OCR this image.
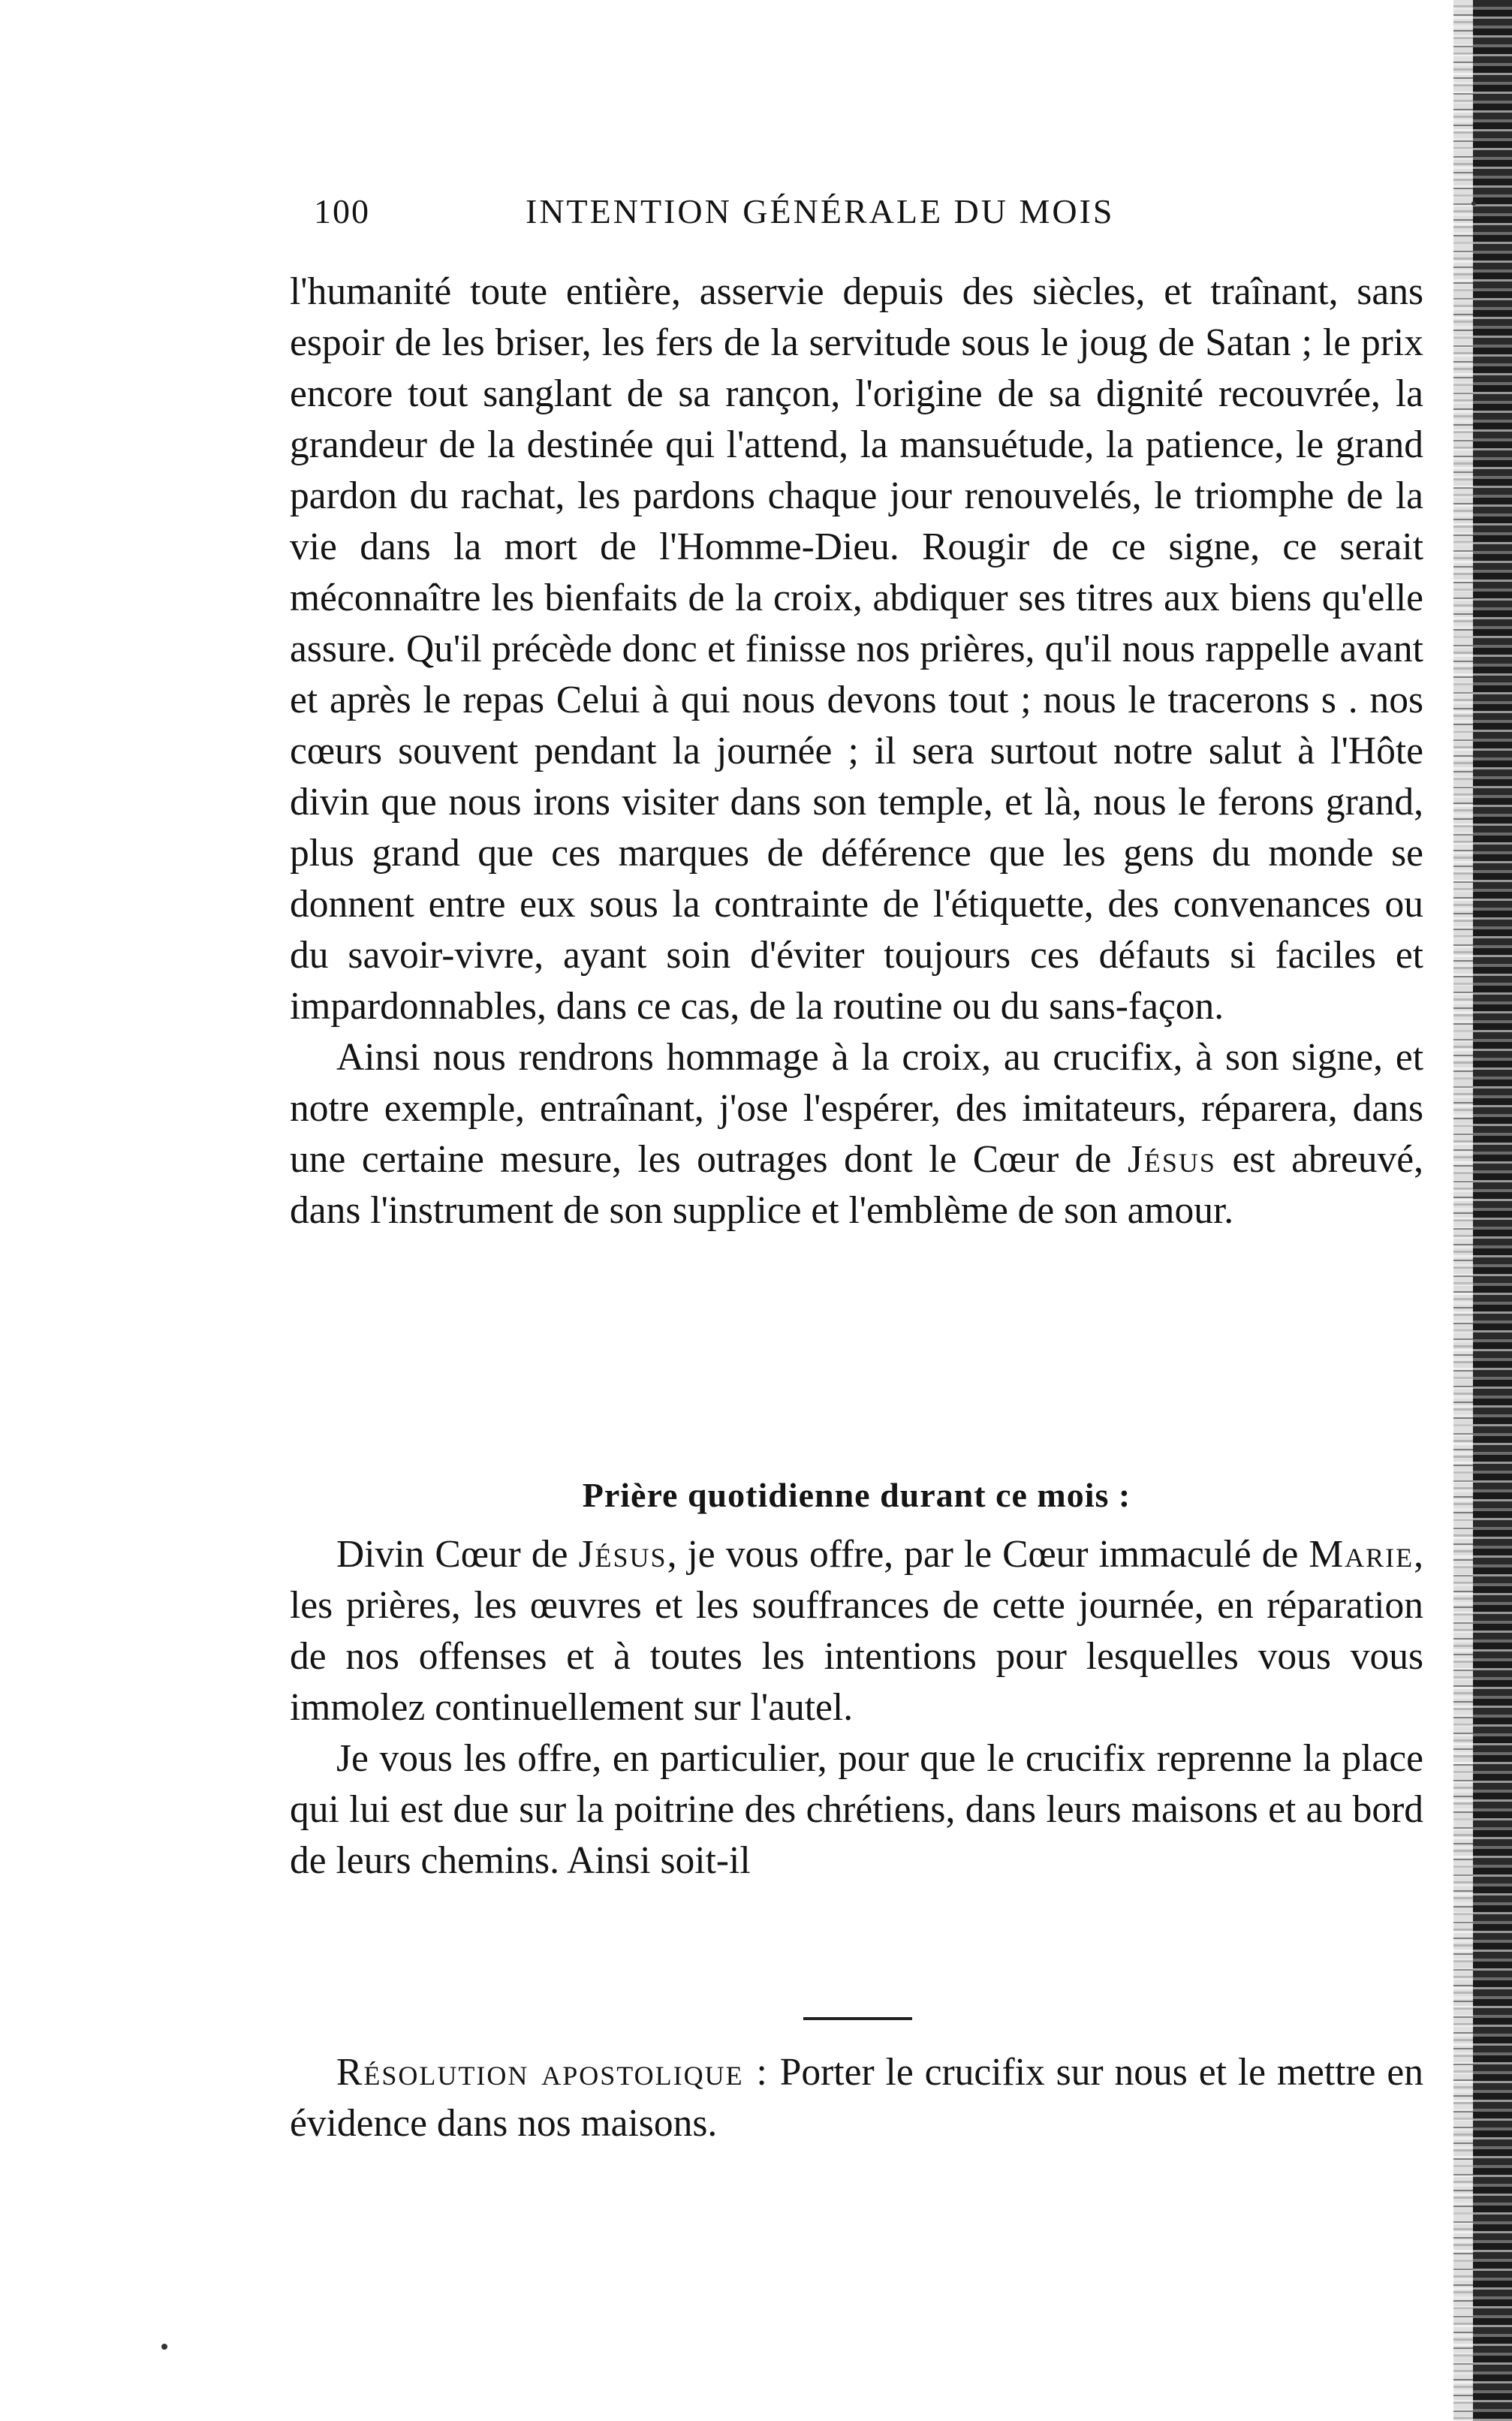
100	INTENTION GÉNÉRALE DU MOIS

l'humanité toute entière, asservie depuis des siècles, et traînant, sans espoir de les briser, les fers de la servitude sous le joug de Satan ; le prix encore tout sanglant de sa rançon, l'origine de sa dignité recouvrée, la grandeur de la destinée qui l'attend, la mansuétude, la patience, le grand pardon du rachat, les pardons chaque jour renouvelés, le triomphe de la vie dans la mort de l'Homme-Dieu. Rougir de ce signe, ce serait méconnaître les bienfaits de la croix, abdiquer ses titres aux biens qu'elle assure. Qu'il précède donc et finisse nos prières, qu'il nous rappelle avant et après le repas Celui à qui nous devons tout ; nous le tracerons s . nos cœurs souvent pendant la journée ; il sera surtout notre salut à l'Hôte divin que nous irons visiter dans son temple, et là, nous le ferons grand, plus grand que ces marques de déférence que les gens du monde se donnent entre eux sous la contrainte de l'étiquette, des convenances ou du savoir-vivre, ayant soin d'éviter toujours ces défauts si faciles et impardonnables, dans ce cas, de la routine ou du sans-façon.

Ainsi nous rendrons hommage à la croix, au crucifix, à son signe, et notre exemple, entraînant, j'ose l'espérer, des imitateurs, réparera, dans une certaine mesure, les outrages dont le Cœur de Jésus est abreuvé, dans l'instrument de son supplice et l'emblème de son amour.

Prière quotidienne durant ce mois :

Divin Cœur de Jésus, je vous offre, par le Cœur immaculé de Marie, les prières, les œuvres et les souffrances de cette journée, en réparation de nos offenses et à toutes les intentions pour lesquelles vous vous immolez continuellement sur l'autel.

Je vous les offre, en particulier, pour que le crucifix reprenne la place qui lui est due sur la poitrine des chrétiens, dans leurs maisons et au bord de leurs chemins. Ainsi soit-il

Résolution apostolique : Porter le crucifix sur nous et le mettre en évidence dans nos maisons.
